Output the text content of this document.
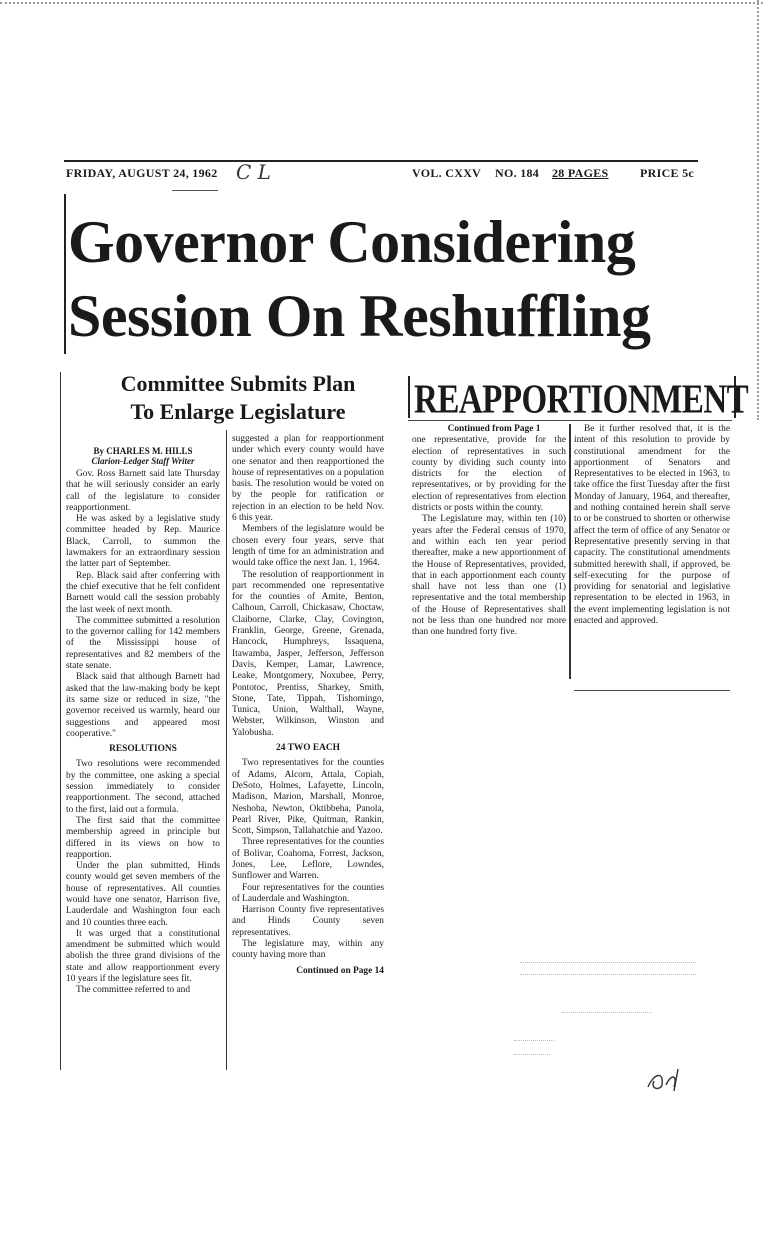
FRIDAY, AUGUST 24, 1962 C L	VOL. CXXV NO. 184 28 PAGES	PRICE 5c
Governor Considering
Session On Reshuffling
Committee Submits Plan
To Enlarge Legislature
By CHARLES M. HILLS
Clarion-Ledger Staff Writer

Gov. Ross Barnett said late Thursday that he will seriously consider an early call of the legislature to consider reapportionment.

He was asked by a legislative study committee headed by Rep. Maurice Black, Carroll, to summon the lawmakers for an extraordinary session the latter part of September.

Rep. Black said after conferring with the chief executive that he felt confident Barnett would call the session probably the last week of next month.

The committee submitted a resolution to the governor calling for 142 members of the Mississippi house of representatives and 82 members of the state senate.

Black said that although Barnett had asked that the law-making body be kept its same size or reduced in size, "the governor received us warmly, heard our suggestions and appeared most cooperative."

RESOLUTIONS

Two resolutions were recommended by the committee, one asking a special session immediately to consider reapportionment. The second, attached to the first, laid out a formula.

The first said that the committee membership agreed in principle but differed in its views on how to reapportion.

Under the plan submitted, Hinds county would get seven members of the house of representatives. All counties would have one senator, Harrison five, Lauderdale and Washington four each and 10 counties three each.

It was urged that a constitutional amendment be submitted which would abolish the three grand divisions of the state and allow reapportionment every 10 years if the legislature sees fit.

The committee referred to and

suggested a plan for reapportionment under which every county would have one senator and then reapportioned the house of representatives on a population basis. The resolution would be voted on by the people for ratification or rejection in an election to be held Nov. 6 this year.

Members of the legislature would be chosen every four years, serve that length of time for an administration and would take office the next Jan. 1, 1964.

The resolution of reapportionment in part recommended one representative for the counties of Amite, Benton, Calhoun, Carroll, Chickasaw, Choctaw, Claiborne, Clarke, Clay, Covington, Franklin, George, Greene, Grenada, Hancock, Humphreys, Issaquena, Itawamba, Jasper, Jefferson, Jefferson Davis, Kemper, Lamar, Lawrence, Leake, Montgomery, Noxubee, Perry, Pontotoc, Prentiss, Sharkey, Smith, Stone, Tate, Tippah, Tishomingo, Tunica, Union, Walthall, Wayne, Webster, Wilkinson, Winston and Yalobusha.

24 TWO EACH

Two representatives for the counties of Adams, Alcorn, Attala, Copiah, DeSoto, Holmes, Lafayette, Lincoln, Madison, Marion, Marshall, Monroe, Neshoba, Newton, Oktibbeha, Panola, Pearl River, Pike, Quitman, Rankin, Scott, Simpson, Tallahatchie and Yazoo.

Three representatives for the counties of Bolivar, Coahoma, Forrest, Jackson, Jones, Lee, Leflore, Lowndes, Sunflower and Warren.

Four representatives for the counties of Lauderdale and Washington.

Harrison County five representatives and Hinds County seven representatives.

The legislature may, within any county having more than

Continued on Page 14

REAPPORTIONMENT

Continued from Page 1

one representative, provide for the election of representatives in such county by dividing such county into districts for the election of representatives, or by providing for the election of representatives from election districts or posts within the county.

The Legislature may, within ten (10) years after the Federal census of 1970, and within each ten year period thereafter, make a new apportionment of the House of Representatives, provided, that in each apportionment each county shall have not less than one (1) representative and the total membership of the House of Representatives shall not be less than one hundred nor more than one hundred forty five.

Be it further resolved that, it is the intent of this resolution to provide by constitutional amendment for the apportionment of Senators and Representatives to be elected in 1963, to take office the first Tuesday after the first Monday of January, 1964, and thereafter, and nothing contained herein shall serve to or be construed to shorten or otherwise affect the term of office of any Senator or Representative presently serving in that capacity. The constitutional amendments submitted herewith shall, if approved, be self-executing for the purpose of providing for senatorial and legislative representation to be elected in 1963, in the event implementing legislation is not enacted and approved.
